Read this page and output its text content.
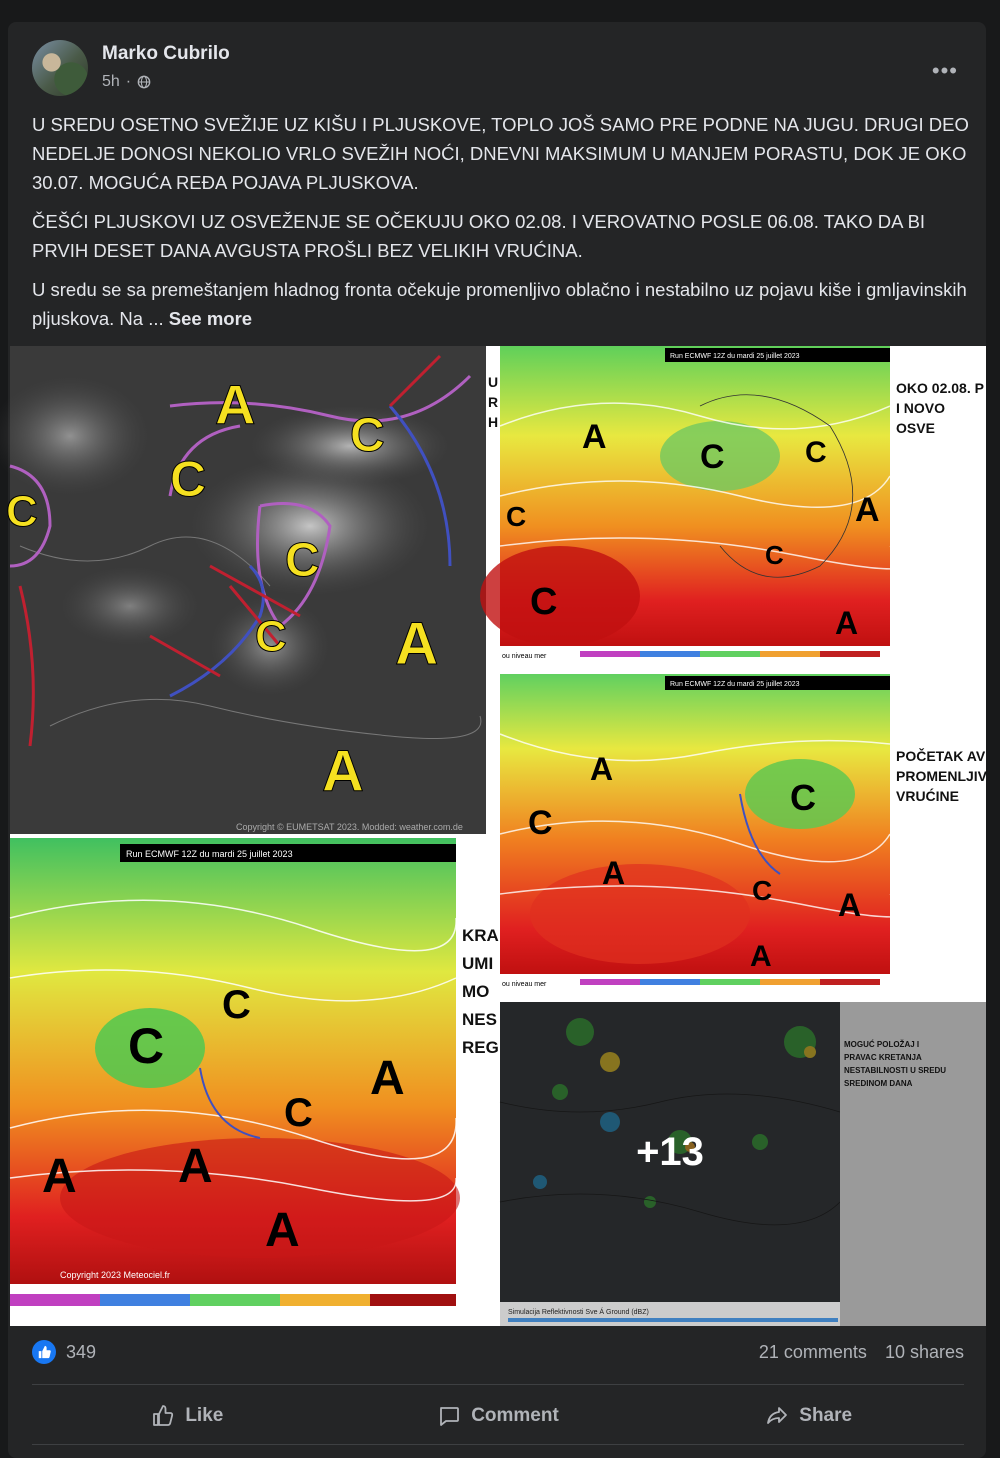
Marko Cubrilo
5h ·	•••

U SREDU OSETNO SVEŽIJE UZ KIŠU I PLJUSKOVE, TOPLO JOŠ SAMO PRE PODNE NA JUGU. DRUGI DEO NEDELJE DONOSI NEKOLIO VRLO SVEŽIH NOĆI, DNEVNI MAKSIMUM U MANJEM PORASTU, DOK JE OKO 30.07. MOGUĆA REĐA POJAVA PLJUSKOVA.

ČEŠĆI PLJUSKOVI UZ OSVEŽENJE SE OČEKUJU OKO 02.08. I VEROVATNO POSLE 06.08. TAKO DA BI PRVIH DESET DANA AVGUSTA PROŠLI BEZ VELIKIH VRUĆINA.

U sredu se sa premeštanjem hladnog fronta očekuje promenljivo oblačno i nestabilno uz pojavu kiše i gmljavinskih pljuskova. Na ... See more

A
C
C
C
C
C
A
A
Copyright © EUMETSAT 2023. Modded: weather.com.de
U
R
H
Run ECMWF 12Z du mardi 25 juillet 2023
A
C	C
C	A
C
C	A
ou niveau mer
OKO 02.08. P
I NOVO OSVE
Run ECMWF 12Z du mardi 25 juillet 2023
A
C
C
A	C A
A
ou niveau mer
POČETAK AV
PROMENLJIV
VRUĆINE
Run ECMWF 12Z du mardi 25 juillet 2023
C
C
A
C
A A
A
Copyright 2023 Meteociel.fr
KRA
UMI
MO
NES
REG
Simulacija Reflektivnosti Sve Á Ground (dBZ)
MOGUĆ POLOŽAJ I
PRAVAC KRETANJA
NESTABILNOSTI U SREDU
SREDINOM DANA
+13
349	21 comments 10 shares
Like	Comment	Share
